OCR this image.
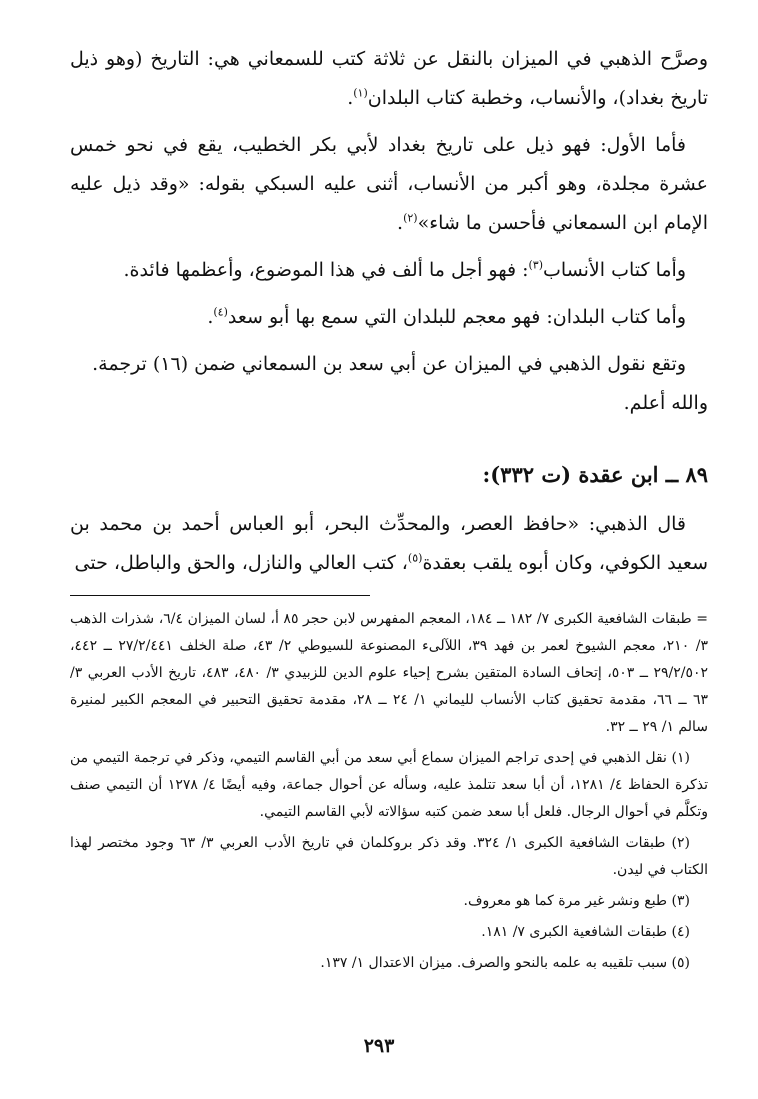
وصرَّح الذهبي في الميزان بالنقل عن ثلاثة كتب للسمعاني هي: التاريخ (وهو ذيل تاريخ بغداد)، والأنساب، وخطبة كتاب البلدان$^{(١)}$.

فأما الأول: فهو ذيل على تاريخ بغداد لأبي بكر الخطيب، يقع في نحو خمس عشرة مجلدة، وهو أكبر من الأنساب، أثنى عليه السبكي بقوله: «وقد ذيل عليه الإمام ابن السمعاني فأحسن ما شاء»$^{(٢)}$.

وأما كتاب الأنساب$^{(٣)}$: فهو أجل ما ألف في هذا الموضوع، وأعظمها فائدة.

وأما كتاب البلدان: فهو معجم للبلدان التي سمع بها أبو سعد$^{(٤)}$.

وتقع نقول الذهبي في الميزان عن أبي سعد بن السمعاني ضمن (١٦) ترجمة.

والله أعلم.

٨٩ ــ ابن عقدة (ت ٣٣٢):

قال الذهبي: «حافظ العصر، والمحدِّث البحر، أبو العباس أحمد بن محمد بن سعيد الكوفي، وكان أبوه يلقب بعقدة$^{(٥)}$، كتب العالي والنازل، والحق والباطل، حتى

= طبقات الشافعية الكبرى ٧/ ١٨٢ ــ ١٨٤، المعجم المفهرس لابن حجر ٨٥ أ، لسان الميزان ٦/٤، شذرات الذهب ٣/ ٢١٠، معجم الشيوخ لعمر بن فهد ٣٩، اللآلىء المصنوعة للسيوطي ٢/ ٤٣، صلة الخلف ٢٧/٢/٤٤١ ــ ٤٤٢، ٢٩/٢/٥٠٢ ــ ٥٠٣، إتحاف السادة المتقين بشرح إحياء علوم الدين للزبيدي ٣/ ٤٨٠، ٤٨٣، تاريخ الأدب العربي ٣/ ٦٣ ــ ٦٦، مقدمة تحقيق كتاب الأنساب لليماني ١/ ٢٤ ــ ٢٨، مقدمة تحقيق التحبير في المعجم الكبير لمنيرة سالم ١/ ٢٩ ــ ٣٢.

(١) نقل الذهبي في إحدى تراجم الميزان سماع أبي سعد من أبي القاسم التيمي، وذكر في ترجمة التيمي من تذكرة الحفاظ ٤/ ١٢٨١، أن أبا سعد تتلمذ عليه، وسأله عن أحوال جماعة، وفيه أيضًا ٤/ ١٢٧٨ أن التيمي صنف وتكلَّم في أحوال الرجال. فلعل أبا سعد ضمن كتبه سؤالاته لأبي القاسم التيمي.

(٢) طبقات الشافعية الكبرى ١/ ٣٢٤. وقد ذكر بروكلمان في تاريخ الأدب العربي ٣/ ٦٣ وجود مختصر لهذا الكتاب في ليدن.

(٣) طبع ونشر غير مرة كما هو معروف.

(٤) طبقات الشافعية الكبرى ٧/ ١٨١.

(٥) سبب تلقيبه به علمه بالنحو والصرف. ميزان الاعتدال ١/ ١٣٧.

٢٩٣
